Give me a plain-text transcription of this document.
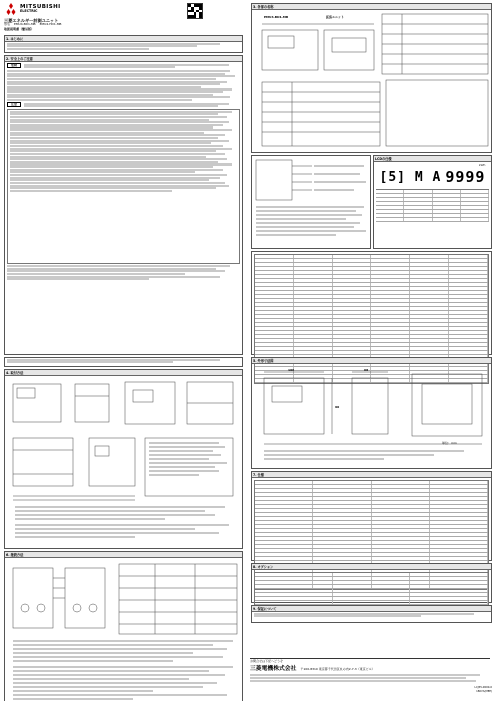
MITSUBISHI
ELECTRIC
三菱エネルギー計測ユニット
形名 EMU4-BD1-MB EMU4-HD1-MB
取扱説明書（簡易版）
1. はじめに
2. 安全上のご注意
危険
注意
4. 取付方法
6. 接続方法
3. 各部の名称
EMU4-BD1-MB	拡張ユニット
LCDの仕様
[5] M A
kWh
9999
5. 外形寸法図
106
90
68
単位：mm
7. 仕様
8. オプション
9. 保証について
お問合せは下記へどうぞ
三菱電機株式会社 〒100-8310 東京都千代田区丸の内2-7-3（東京ビル）
LCJ55-0000-0
1807A(MEE)
